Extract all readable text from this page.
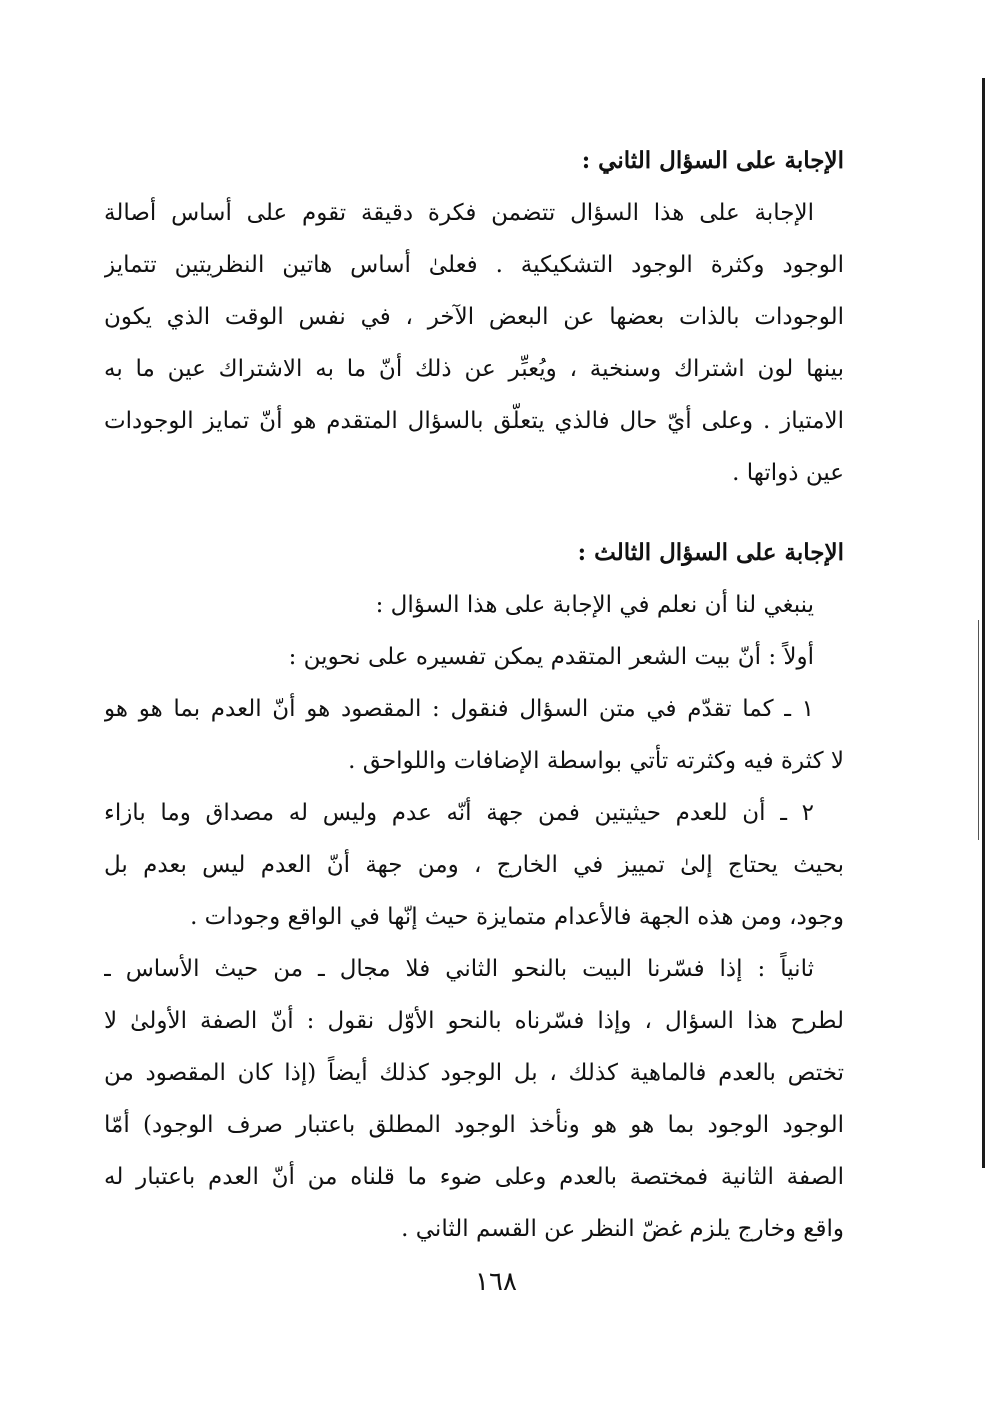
الإجابة على السؤال الثاني :
الإجابة على هذا السؤال تتضمن فكرة دقيقة تقوم على أساس أصالة
الوجود وكثرة الوجود التشكيكية . فعلىٰ أساس هاتين النظريتين تتمايز
الوجودات بالذات بعضها عن البعض الآخر ، في نفس الوقت الذي يكون
بينها لون اشتراك وسنخية ، ويُعبِّر عن ذلك أنّ ما به الاشتراك عين ما به
الامتياز . وعلى أيّ حال فالذي يتعلّق بالسؤال المتقدم هو أنّ تمايز الوجودات
عين ذواتها .
الإجابة على السؤال الثالث :
ينبغي لنا أن نعلم في الإجابة على هذا السؤال :
أولاً : أنّ بيت الشعر المتقدم يمكن تفسيره على نحوين :
١ ـ كما تقدّم في متن السؤال فنقول : المقصود هو أنّ العدم بما هو هو
لا كثرة فيه وكثرته تأتي بواسطة الإضافات واللواحق .
٢ ـ أن للعدم حيثيتين فمن جهة أنّه عدم وليس له مصداق وما بازاء
بحيث يحتاج إلىٰ تمييز في الخارج ، ومن جهة أنّ العدم ليس بعدم بل
وجود، ومن هذه الجهة فالأعدام متمايزة حيث إنّها في الواقع وجودات .
ثانياً : إذا فسّرنا البيت بالنحو الثاني فلا مجال ـ من حيث الأساس ـ
لطرح هذا السؤال ، وإذا فسّرناه بالنحو الأوّل نقول : أنّ الصفة الأولىٰ لا
تختص بالعدم فالماهية كذلك ، بل الوجود كذلك أيضاً (إذا كان المقصود من
الوجود الوجود بما هو هو ونأخذ الوجود المطلق باعتبار صرف الوجود) أمّا
الصفة الثانية فمختصة بالعدم وعلى ضوء ما قلناه من أنّ العدم باعتبار له
واقع وخارج يلزم غضّ النظر عن القسم الثاني .
١٦٨
